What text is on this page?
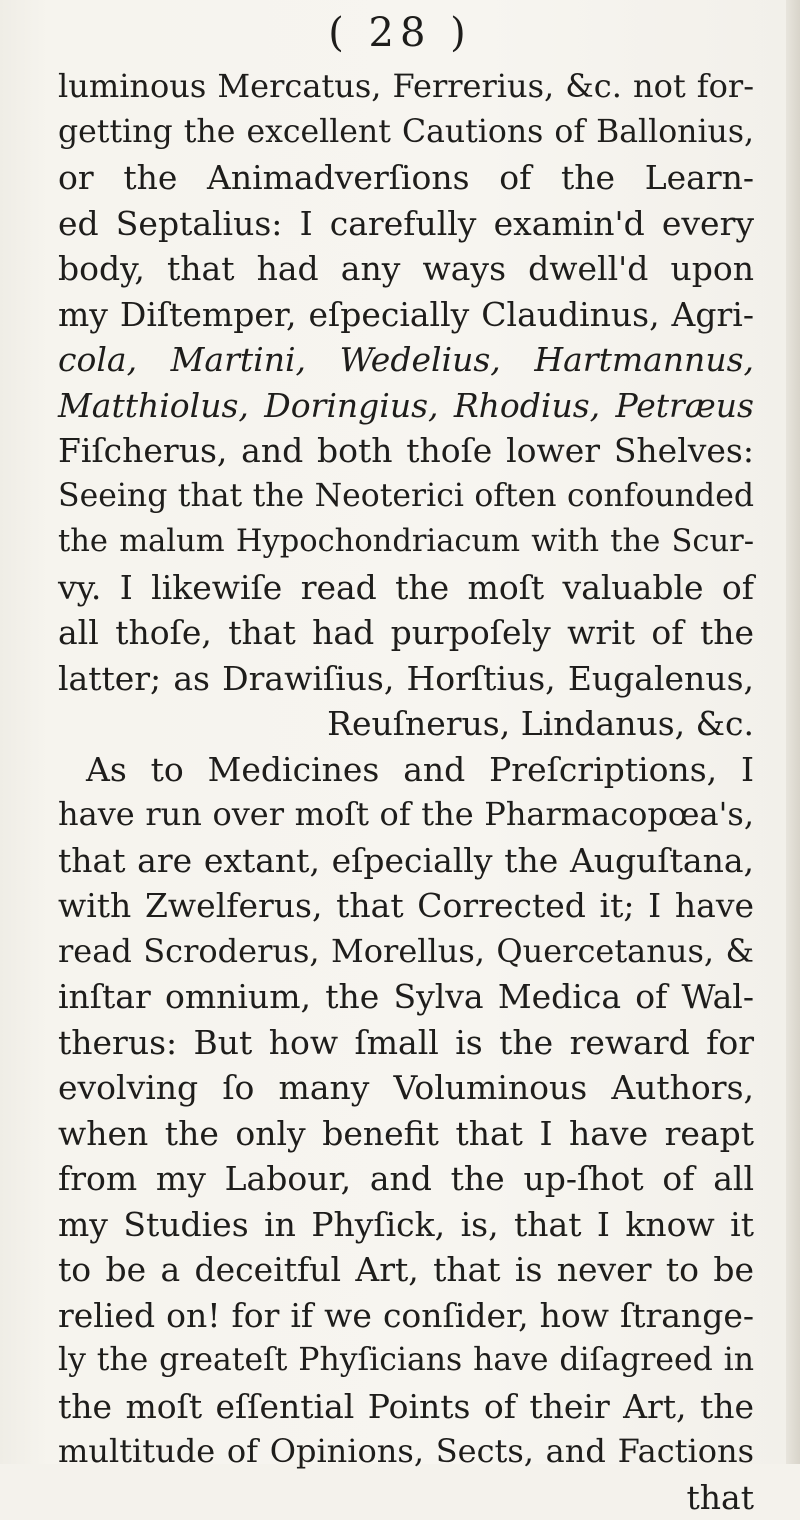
( 28 )
luminous Mercatus, Ferrerius, &c. not for-
getting the excellent Cautions of Ballonius,
or the Animadverſions of the Learn-
ed Septalius: I carefully examin'd every
body, that had any ways dwell'd upon
my Diſtemper, eſpecially Claudinus, Agri-
cola, Martini, Wedelius, Hartmannus,
Matthiolus, Doringius, Rhodius, Petræus
Fiſcherus, and both thoſe lower Shelves:
Seeing that the Neoterici often confounded
the malum Hypochondriacum with the Scur-
vy. I likewiſe read the moſt valuable of
all thoſe, that had purpoſely writ of the
latter; as Drawiſius, Horſtius, Eugalenus,
Reuſnerus, Lindanus, &c.
As to Medicines and Preſcriptions, I
have run over moſt of the Pharmacopœa's,
that are extant, eſpecially the Auguſtana,
with Zwelferus, that Corrected it; I have
read Scroderus, Morellus, Quercetanus, &
inſtar omnium, the Sylva Medica of Wal-
therus: But how ſmall is the reward for
evolving ſo many Voluminous Authors,
when the only benefit that I have reapt
from my Labour, and the up-ſhot of all
my Studies in Phyſick, is, that I know it
to be a deceitful Art, that is never to be
relied on! for if we conſider, how ſtrange-
ly the greateſt Phyſicians have diſagreed in
the moſt eſſential Points of their Art, the
multitude of Opinions, Sects, and Factions
that
